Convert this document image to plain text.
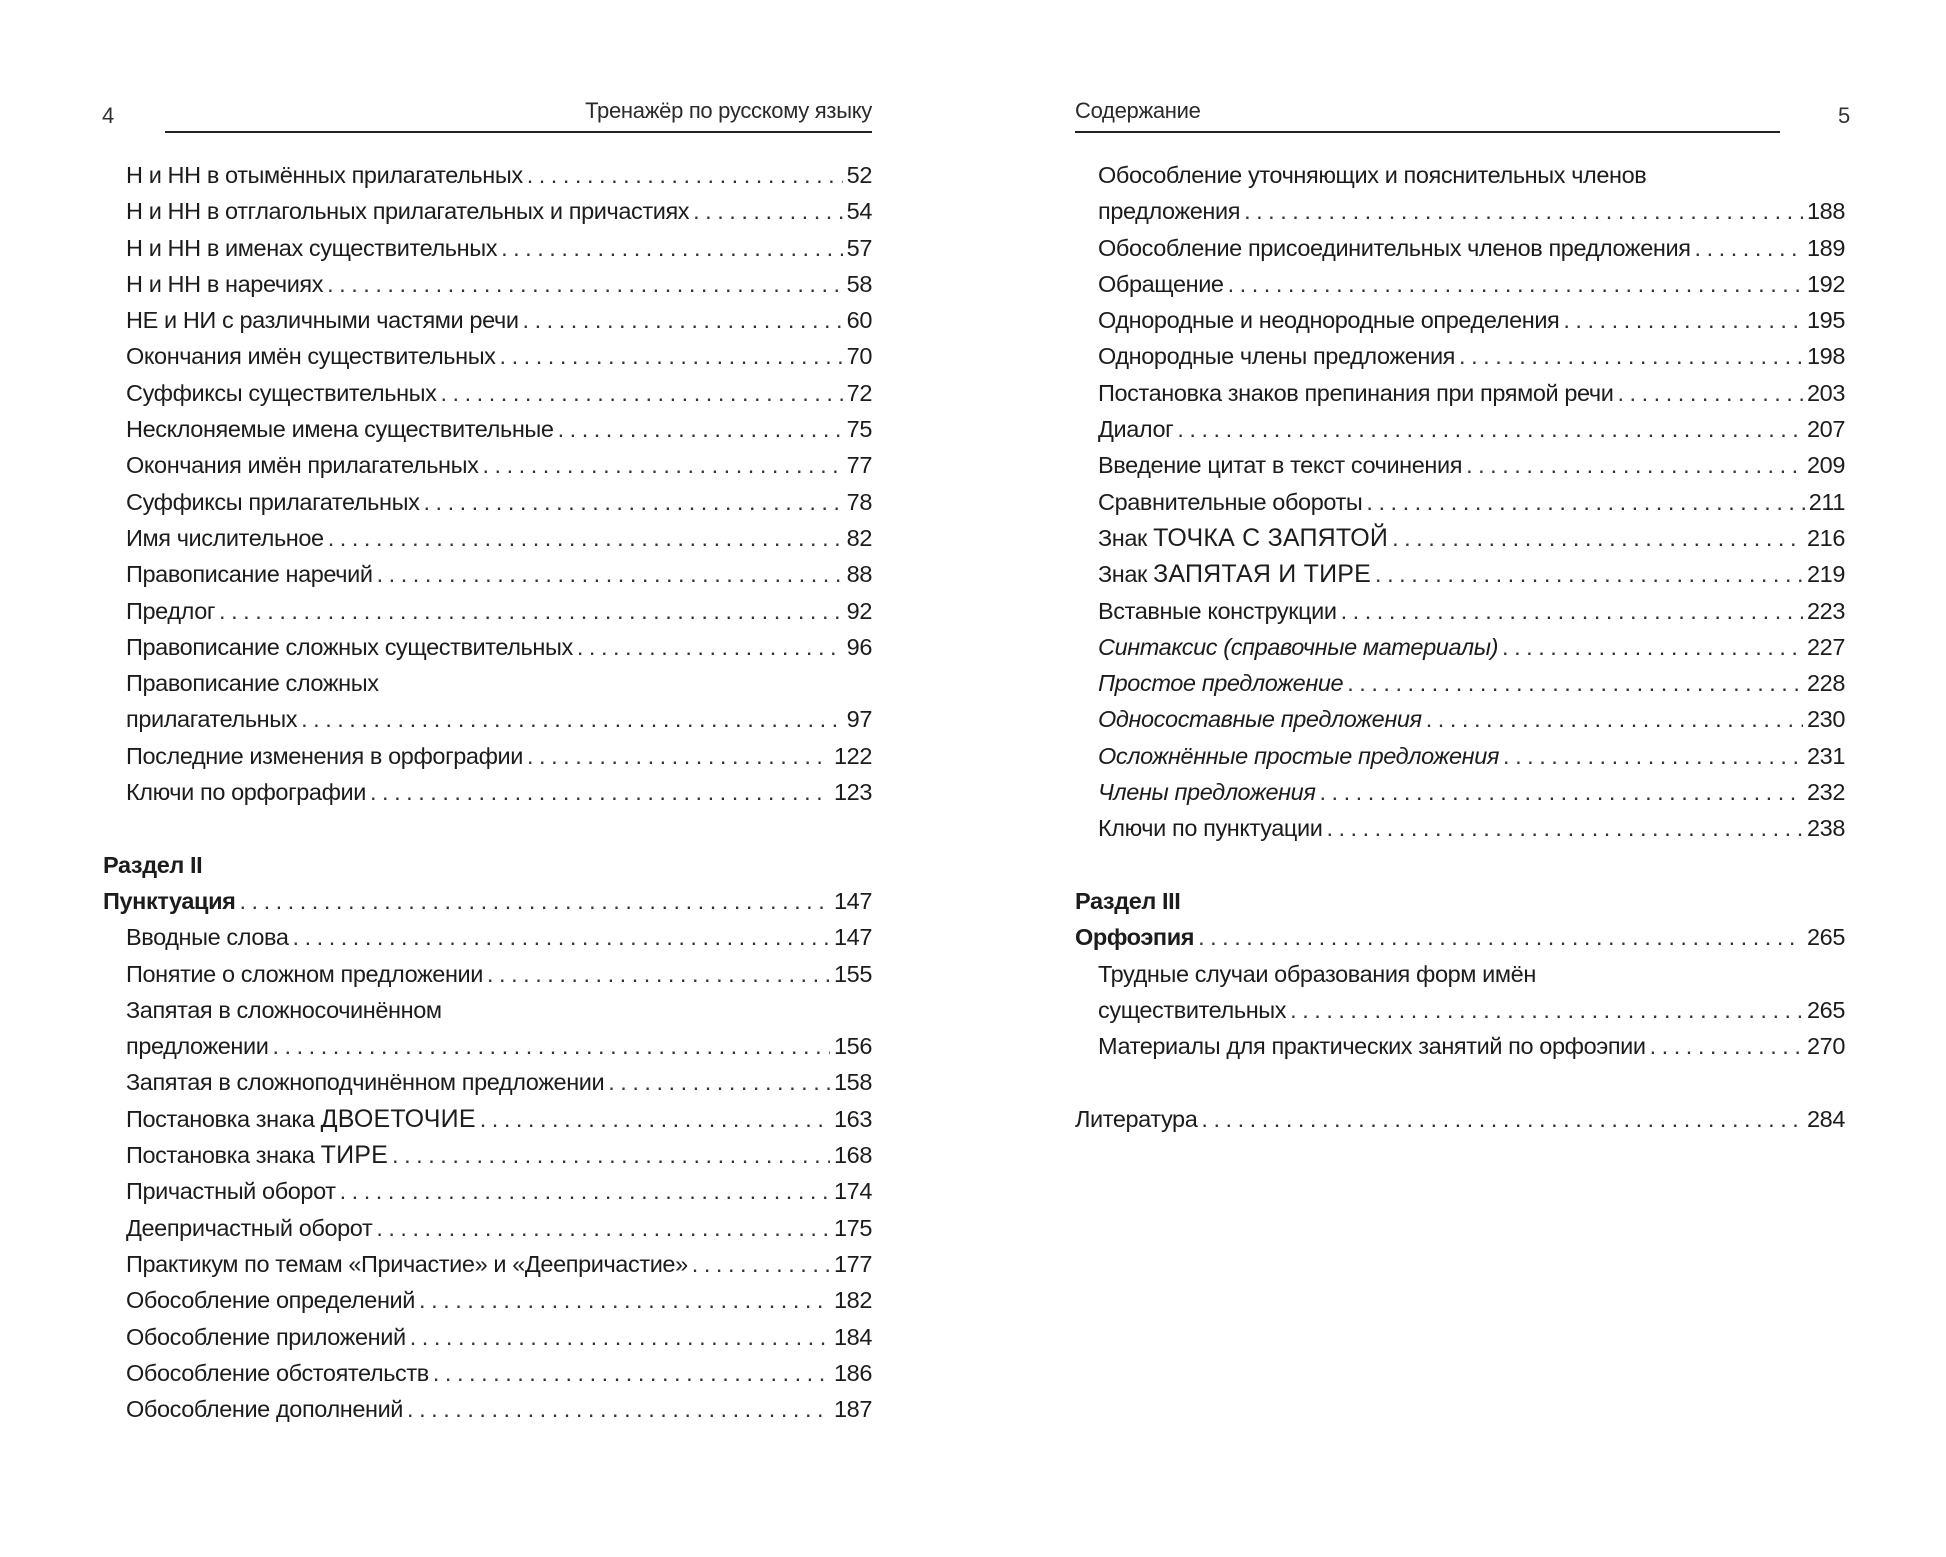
4	Тренажёр по русскому языку
Н и НН в отымённых прилагательных . . .	52
Н и НН в отглагольных прилагательных и причастиях . . .	54
Н и НН в именах существительных . . .	57
Н и НН в наречиях . . .	58
НЕ и НИ с различными частями речи . . .	60
Окончания имён существительных . . .	70
Суффиксы существительных . . .	72
Несклоняемые имена существительные . . .	75
Окончания имён прилагательных . . .	77
Суффиксы прилагательных . . .	78
Имя числительное . . .	82
Правописание наречий . . .	88
Предлог . . .	92
Правописание сложных существительных . . .	96
Правописание сложных
прилагательных . . .	97
Последние изменения в орфографии . . .	122
Ключи по орфографии . . .	123
Раздел II
Пунктуация . . .	147
Вводные слова . . .	147
Понятие о сложном предложении . . .	155
Запятая в сложносочинённом
предложении . . .	156
Запятая в сложноподчинённом предложении . . .	158
Постановка знака ДВОЕТОЧИЕ . . .	163
Постановка знака ТИРЕ . . .	168
Причастный оборот . . .	174
Деепричастный оборот . . .	175
Практикум по темам «Причастие» и «Деепричастие» . . .	177
Обособление определений . . .	182
Обособление приложений . . .	184
Обособление обстоятельств . . .	186
Обособление дополнений . . .	187
Содержание	5
Обособление уточняющих и пояснительных членов
предложения . . .	188
Обособление присоединительных членов предложения . . .	189
Обращение . . .	192
Однородные и неоднородные определения . . .	195
Однородные члены предложения . . .	198
Постановка знаков препинания при прямой речи . . .	203
Диалог . . .	207
Введение цитат в текст сочинения . . .	209
Сравнительные обороты . . .	211
Знак ТОЧКА С ЗАПЯТОЙ . . .	216
Знак ЗАПЯТАЯ И ТИРЕ . . .	219
Вставные конструкции . . .	223
Синтаксис (справочные материалы) . . .	227
Простое предложение . . .	228
Односоставные предложения . . .	230
Осложнённые простые предложения . . .	231
Члены предложения . . .	232
Ключи по пунктуации . . .	238
Раздел III
Орфоэпия . . .	265
Трудные случаи образования форм имён
существительных . . .	265
Материалы для практических занятий по орфоэпии . . .	270
Литература . . .	284
